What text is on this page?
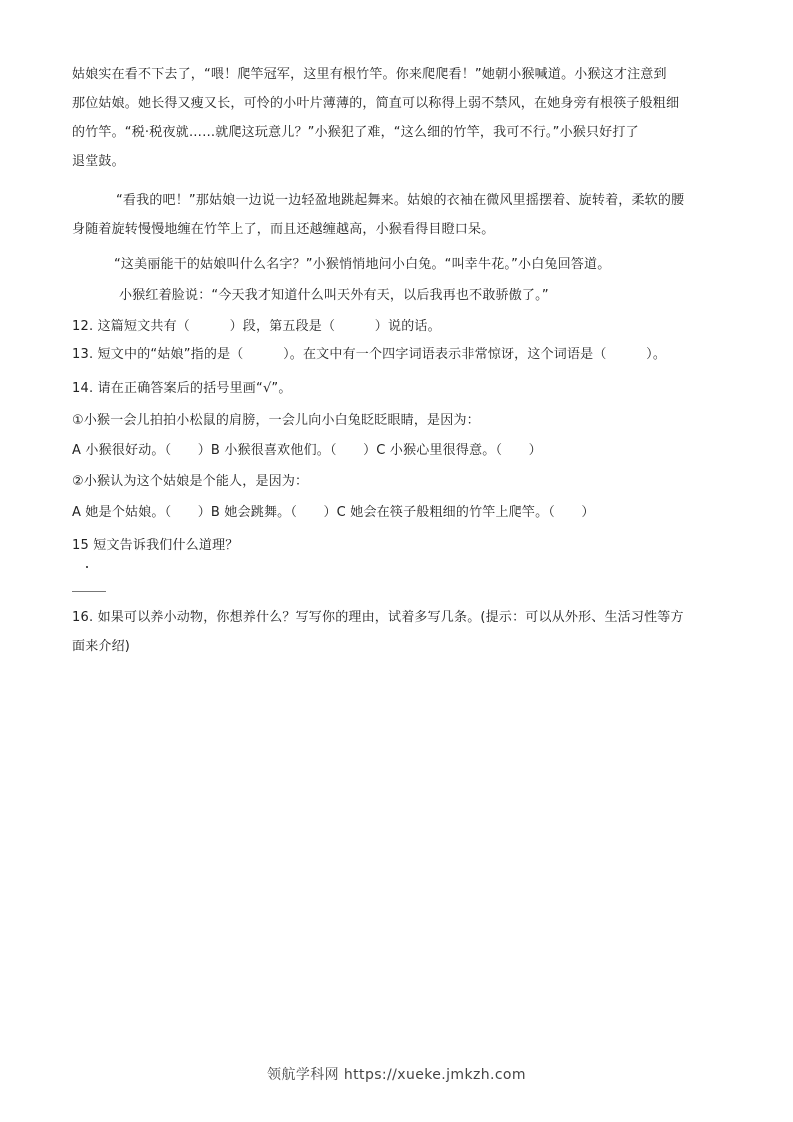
姑娘实在看不下去了，“喂！爬竿冠军，这里有根竹竿。你来爬爬看！”她朝小猴喊道。小猴这才注意到
那位姑娘。她长得又瘦又长，可怜的小叶片薄薄的，简直可以称得上弱不禁风，在她身旁有根筷子般粗细
的竹竿。“税·税夜就……就爬这玩意儿？”小猴犯了难，“这么细的竹竿，我可不行。”小猴只好打了
退堂鼓。
“看我的吧！”那姑娘一边说一边轻盈地跳起舞来。姑娘的衣袖在微风里摇摆着、旋转着，柔软的腰
身随着旋转慢慢地缠在竹竿上了，而且还越缠越高，小猴看得目瞪口呆。
“这美丽能干的姑娘叫什么名字？”小猴悄悄地问小白兔。“叫幸牛花。”小白兔回答道。
小猴红着脸说：“今天我才知道什么叫天外有天，以后我再也不敢骄傲了。”
12. 这篇短文共有（　　　）段，第五段是（　　　）说的话。
13. 短文中的“姑娘”指的是（　　　）。在文中有一个四字词语表示非常惊讶，这个词语是（　　　）。
14. 请在正确答案后的括号里画“√”。
①小猴一会儿拍拍小松鼠的肩膀，一会儿向小白兔眨眨眼睛，是因为：
A 小猴很好动。（　　）B 小猴很喜欢他们。（　　）C 小猴心里很得意。（　　）
②小猴认为这个姑娘是个能人，是因为：
A 她是个姑娘。（　　）B 她会跳舞。（　　）C 她会在筷子般粗细的竹竿上爬竿。（　　）
15 短文告诉我们什么道理？
16. 如果可以养小动物，你想养什么？写写你的理由，试着多写几条。(提示：可以从外形、生活习性等方
面来介绍)
领航学科网 https://xueke.jmkzh.com
